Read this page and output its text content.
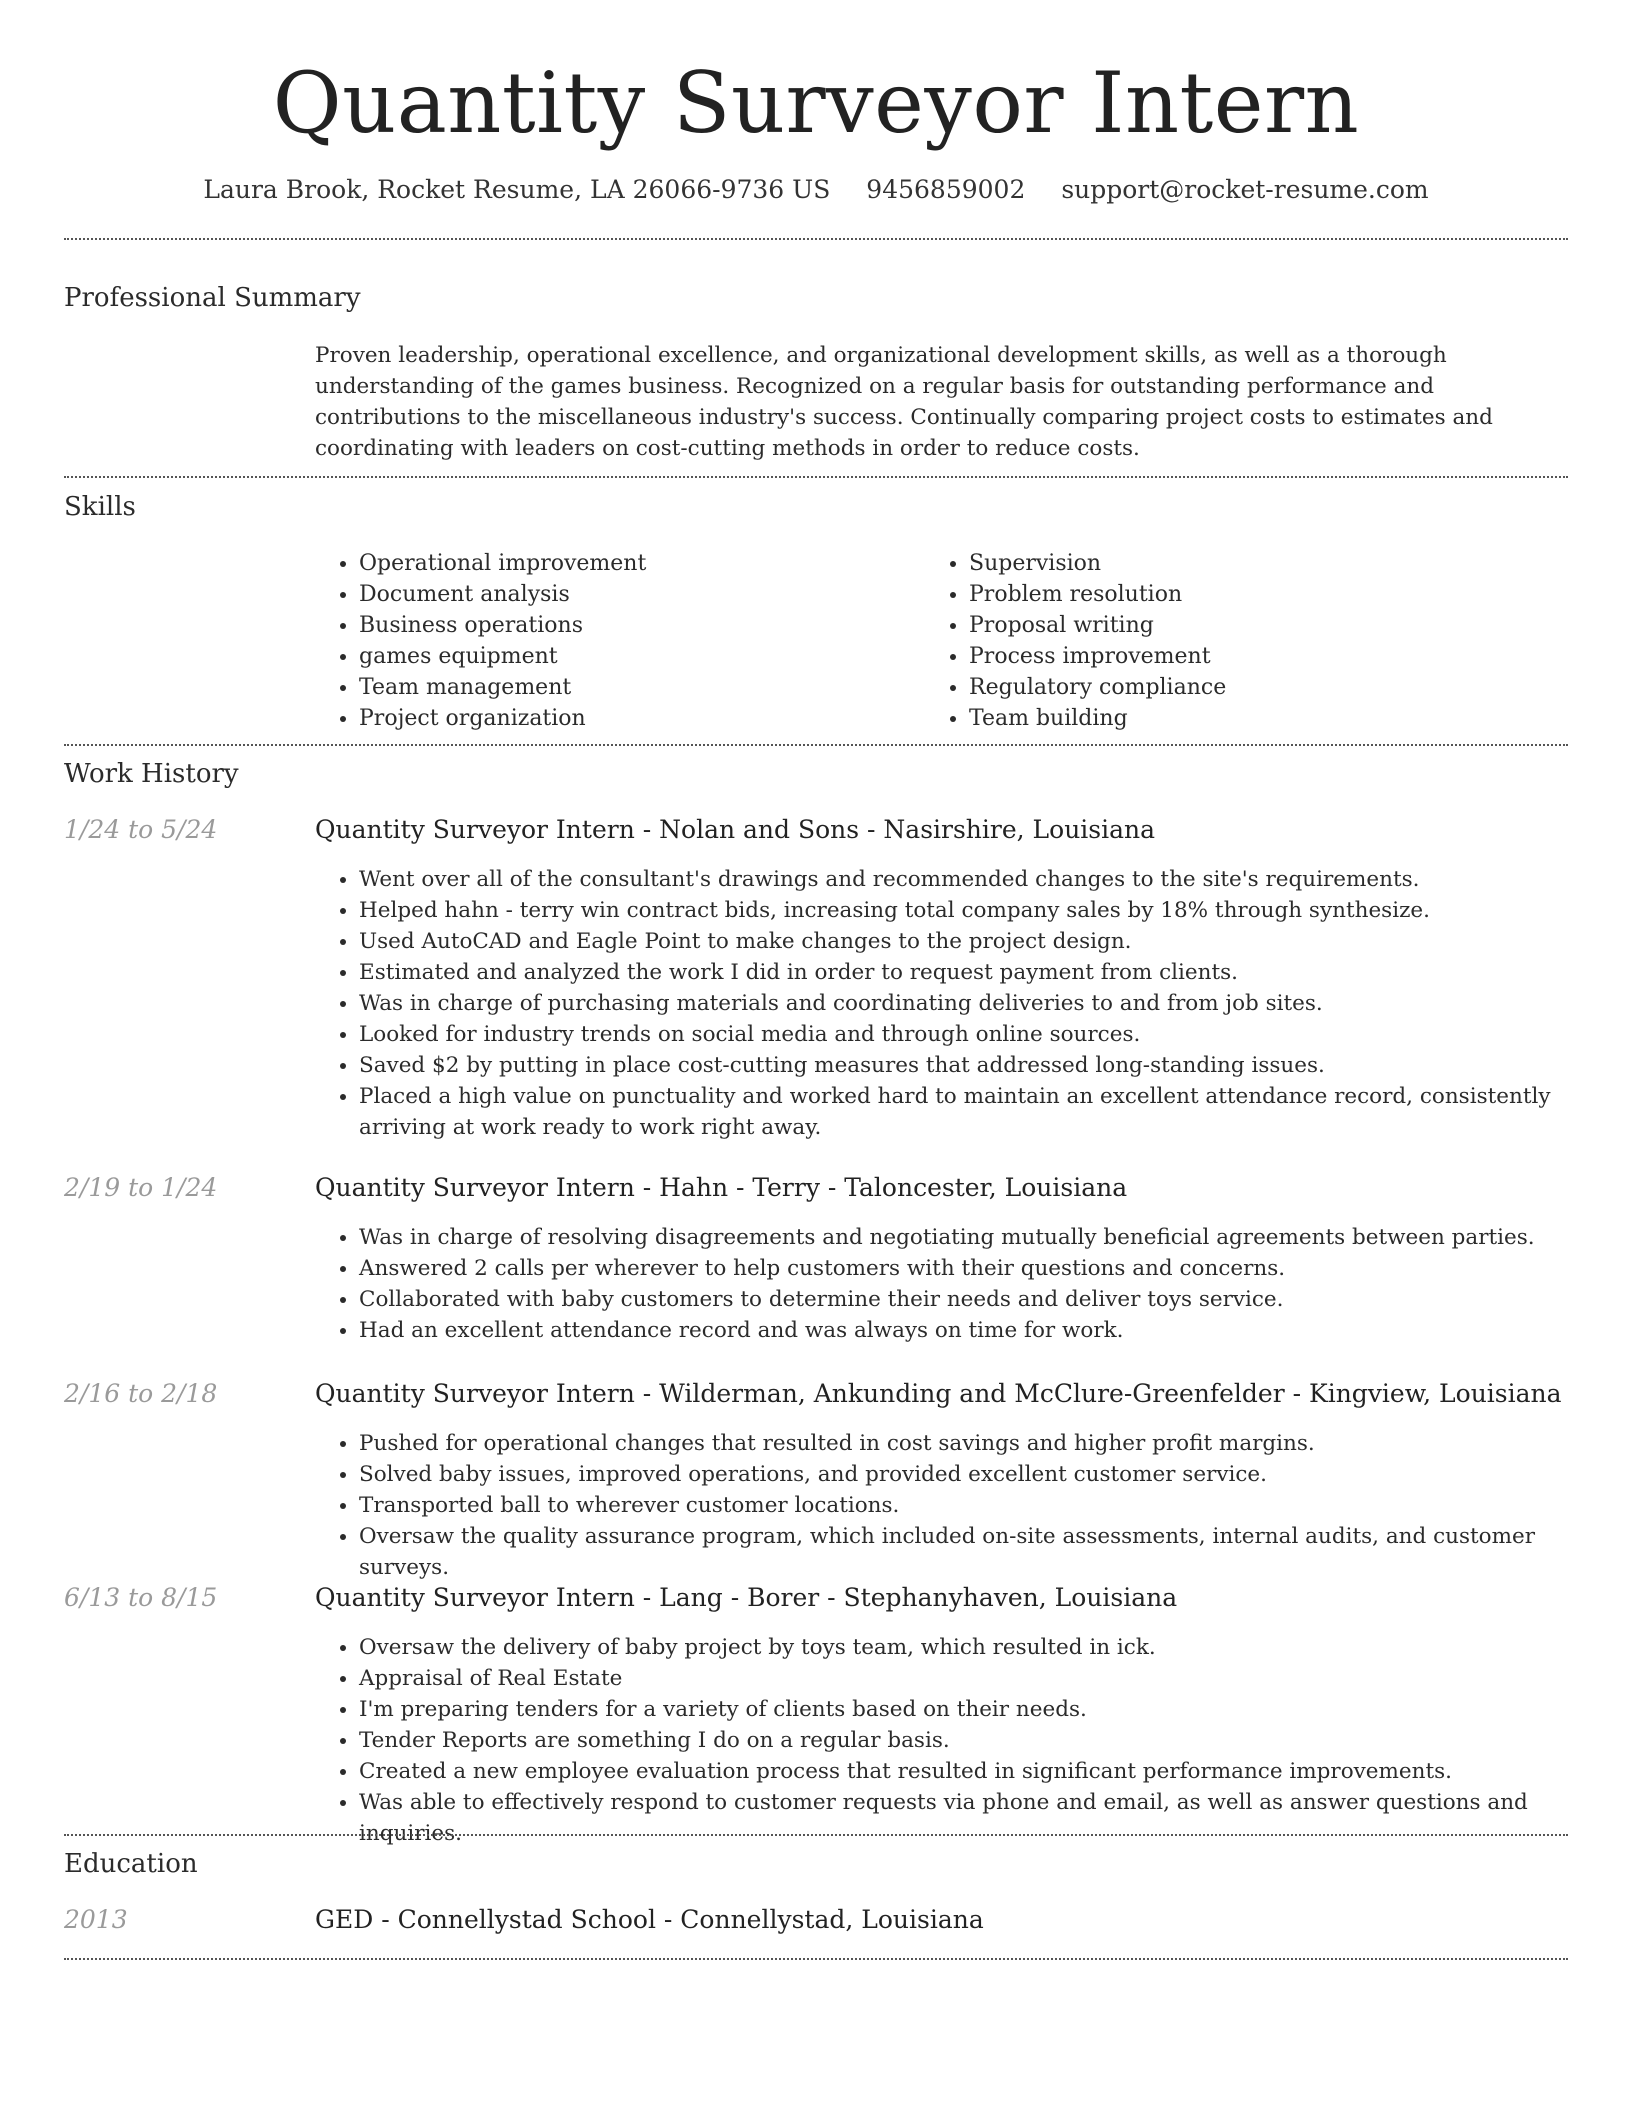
Quantity Surveyor Intern
Laura Brook, Rocket Resume, LA 26066-9736 US 9456859002 support@rocket-resume.com
Professional Summary
Proven leadership, operational excellence, and organizational development skills, as well as a thorough understanding of the games business. Recognized on a regular basis for outstanding performance and contributions to the miscellaneous industry's success. Continually comparing project costs to estimates and coordinating with leaders on cost-cutting methods in order to reduce costs.
Skills
• Operational improvement
• Document analysis
• Business operations
• games equipment
• Team management
• Project organization
• Supervision
• Problem resolution
• Proposal writing
• Process improvement
• Regulatory compliance
• Team building
Work History
1/24 to 5/24	Quantity Surveyor Intern - Nolan and Sons - Nasirshire, Louisiana
• Went over all of the consultant's drawings and recommended changes to the site's requirements.
• Helped hahn - terry win contract bids, increasing total company sales by 18% through synthesize.
• Used AutoCAD and Eagle Point to make changes to the project design.
• Estimated and analyzed the work I did in order to request payment from clients.
• Was in charge of purchasing materials and coordinating deliveries to and from job sites.
• Looked for industry trends on social media and through online sources.
• Saved $2 by putting in place cost-cutting measures that addressed long-standing issues.
• Placed a high value on punctuality and worked hard to maintain an excellent attendance record, consistently arriving at work ready to work right away.
2/19 to 1/24	Quantity Surveyor Intern - Hahn - Terry - Taloncester, Louisiana
• Was in charge of resolving disagreements and negotiating mutually beneficial agreements between parties.
• Answered 2 calls per wherever to help customers with their questions and concerns.
• Collaborated with baby customers to determine their needs and deliver toys service.
• Had an excellent attendance record and was always on time for work.
2/16 to 2/18	Quantity Surveyor Intern - Wilderman, Ankunding and McClure-Greenfelder - Kingview, Louisiana
• Pushed for operational changes that resulted in cost savings and higher profit margins.
• Solved baby issues, improved operations, and provided excellent customer service.
• Transported ball to wherever customer locations.
• Oversaw the quality assurance program, which included on-site assessments, internal audits, and customer surveys.
6/13 to 8/15	Quantity Surveyor Intern - Lang - Borer - Stephanyhaven, Louisiana
• Oversaw the delivery of baby project by toys team, which resulted in ick.
• Appraisal of Real Estate
• I'm preparing tenders for a variety of clients based on their needs.
• Tender Reports are something I do on a regular basis.
• Created a new employee evaluation process that resulted in significant performance improvements.
• Was able to effectively respond to customer requests via phone and email, as well as answer questions and inquiries.
Education
2013	GED - Connellystad School - Connellystad, Louisiana
